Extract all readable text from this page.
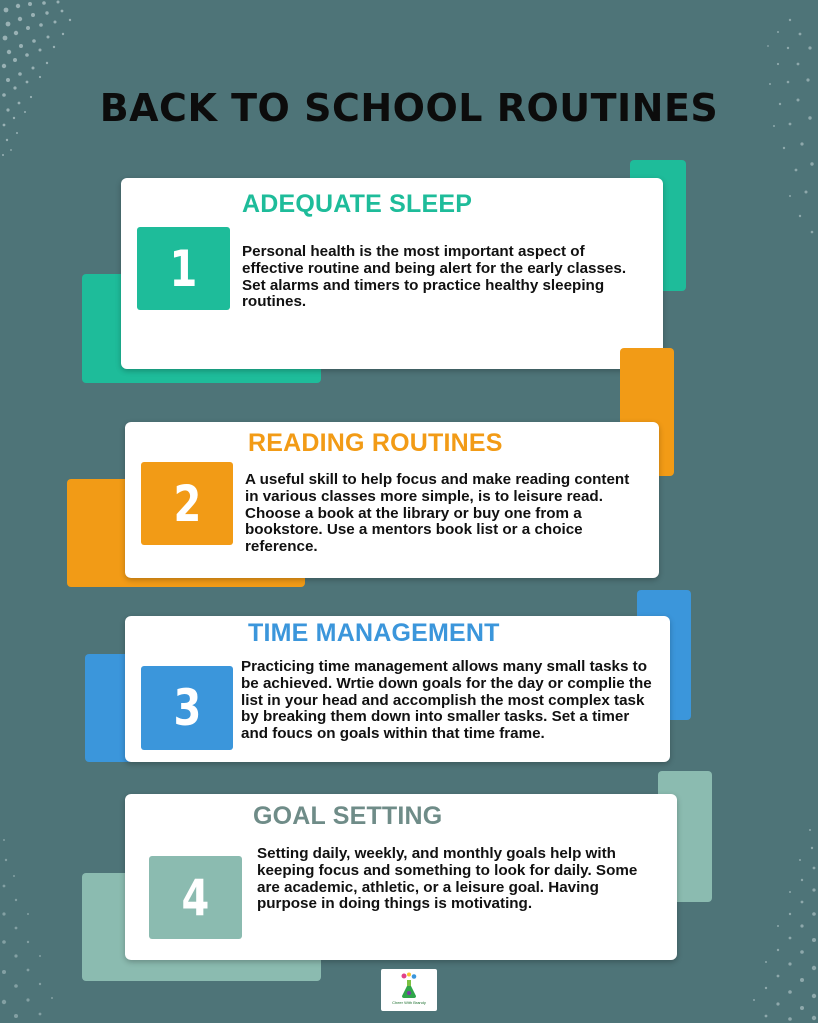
BACK TO SCHOOL ROUTINES
ADEQUATE SLEEP
1	Personal health is the most important aspect of effective routine and being alert for the early classes. Set alarms and timers to practice healthy sleeping routines.

READING ROUTINES
2	A useful skill to help focus and make reading content in various classes more simple, is to leisure read. Choose a book at the library or buy one from a bookstore. Use a mentors book list or a choice reference.

TIME MANAGEMENT
3

Practicing time management allows many small tasks to be achieved. Wrtie down goals for the day or complie the list in your head and accomplish the most complex task by breaking them down into smaller tasks. Set a timer and foucs on goals within that time frame.

GOAL SETTING
4

Setting daily, weekly, and monthly goals help with keeping focus and something to look for daily. Some are academic, athletic, or a leisure goal. Having purpose in doing things is motivating.

Cheer With Brandy
